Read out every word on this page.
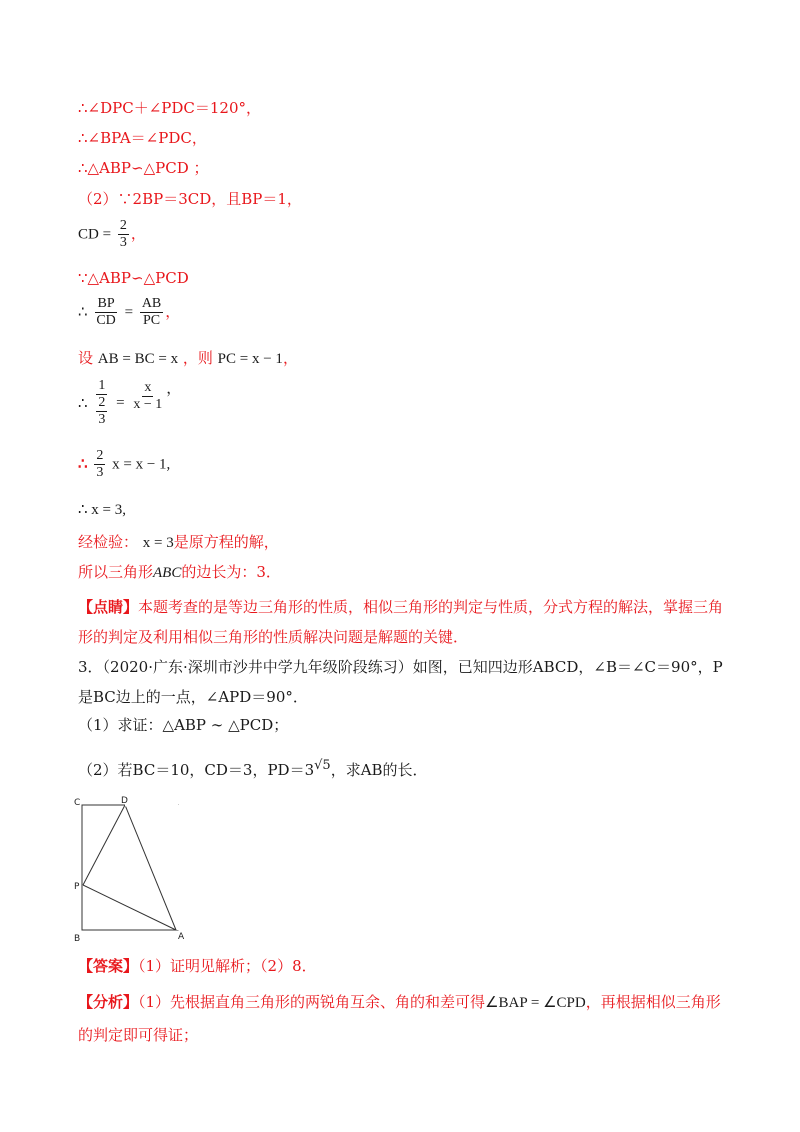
∴∠DPC＋∠PDC＝120°，
∴∠BPA＝∠PDC，
∴△ABP∽△PCD ；
（2）∵2BP＝3CD，且BP＝1，
CD = $\frac{2}{3}$ ，
∵△ABP∽△PCD
∴ $\frac{BP}{CD} = \frac{AB}{PC}$ ，
设 AB = BC = x ，则 PC = x − 1，
∴ $\frac{1}{\frac{2}{3}} = \frac{x}{x - 1}$ ，
∴ $\frac{2}{3}$ x = x − 1,
∴ x = 3,
经检验： x = 3是原方程的解，
所以三角形ABC的边长为：3．
【点睛】本题考查的是等边三角形的性质，相似三角形的判定与性质，分式方程的解法，掌握三角形的判定及利用相似三角形的性质解决问题是解题的关键．
3．（2020·广东·深圳市沙井中学九年级阶段练习）如图，已知四边形ABCD，∠B＝∠C＝90°，P是BC边上的一点，∠APD＝90°．
（1）求证：△ABP ∼ △PCD；
（2）若BC＝10，CD＝3，PD＝3√5，求AB的长．
C	D
P
B	A
【答案】（1）证明见解析；（2）8．
【分析】（1）先根据直角三角形的两锐角互余、角的和差可得∠BAP = ∠CPD，再根据相似三角形的判定即可得证；
